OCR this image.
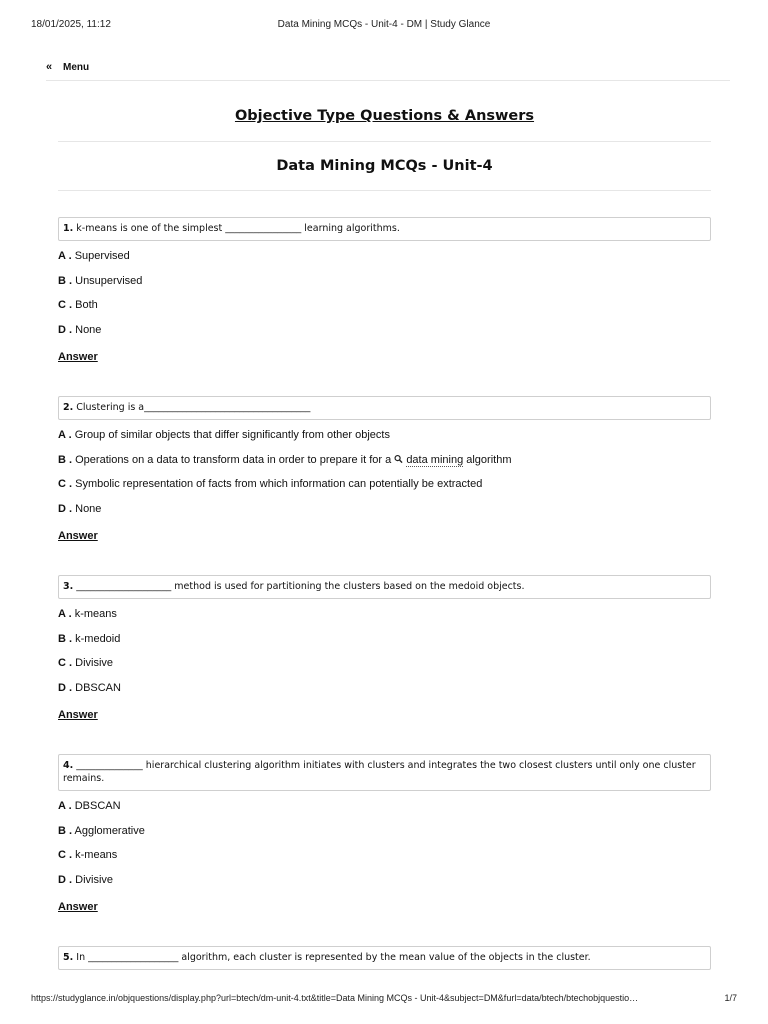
18/01/2025, 11:12	Data Mining MCQs - Unit-4 - DM | Study Glance
« Menu
Objective Type Questions & Answers
Data Mining MCQs - Unit-4
1. k-means is one of the simplest ________________ learning algorithms.
A . Supervised
B . Unsupervised
C . Both
D . None
Answer
2. Clustering is a___________________________________
A . Group of similar objects that differ significantly from other objects
B . Operations on a data to transform data in order to prepare it for a data mining algorithm
C . Symbolic representation of facts from which information can potentially be extracted
D . None
Answer
3. ____________________ method is used for partitioning the clusters based on the medoid objects.
A . k-means
B . k-medoid
C . Divisive
D . DBSCAN
Answer
4. ______________ hierarchical clustering algorithm initiates with clusters and integrates the two closest clusters until only one cluster remains.
A . DBSCAN
B . Agglomerative
C . k-means
D . Divisive
Answer
5. In ___________________ algorithm, each cluster is represented by the mean value of the objects in the cluster.
https://studyglance.in/objquestions/display.php?url=btech/dm-unit-4.txt&title=Data Mining MCQs - Unit-4&subject=DM&furl=data/btech/btechobjquestio…	1/7
